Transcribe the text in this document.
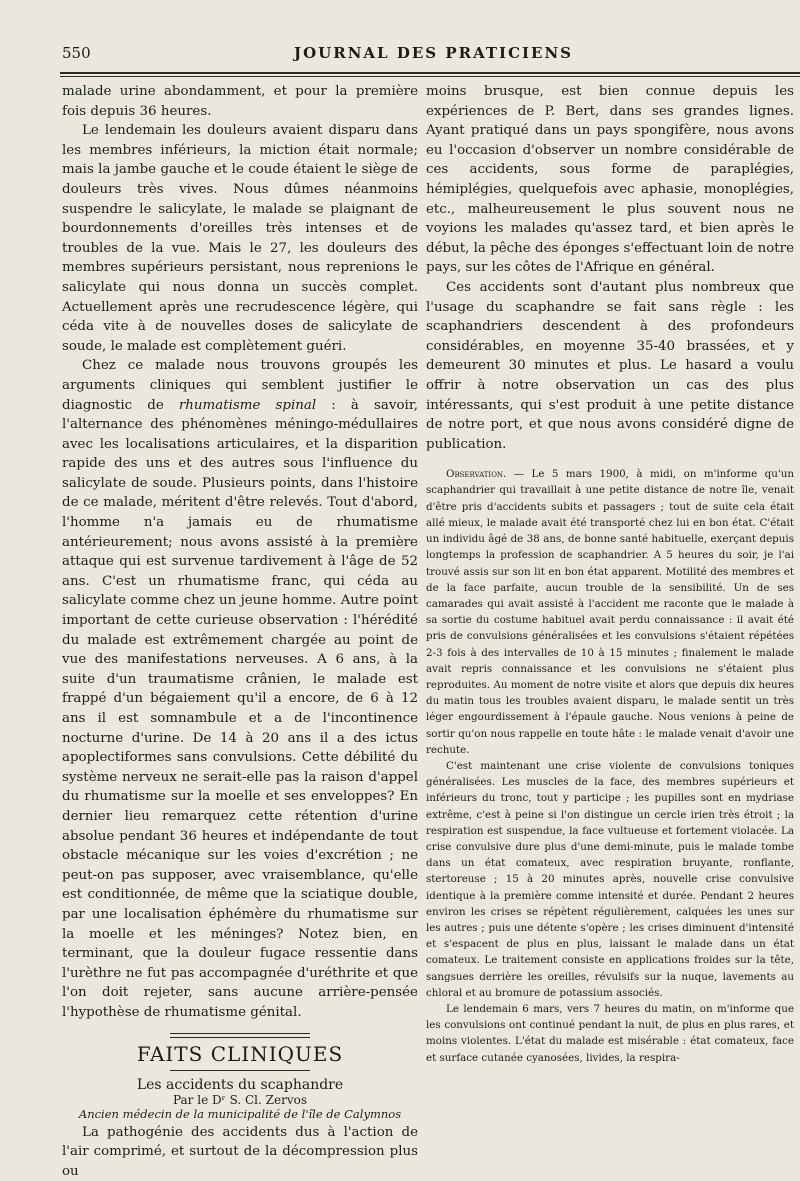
550	JOURNAL DES PRATICIENS

malade urine abondamment, et pour la première fois depuis 36 heures.

Le lendemain les douleurs avaient disparu dans les membres inférieurs, la miction était normale; mais la jambe gauche et le coude étaient le siège de douleurs très vives. Nous dûmes néanmoins suspendre le salicylate, le malade se plaignant de bourdonnements d'oreilles très intenses et de troubles de la vue. Mais le 27, les douleurs des membres supérieurs persistant, nous reprenions le salicylate qui nous donna un succès complet. Actuellement après une recrudescence légère, qui céda vite à de nouvelles doses de salicylate de soude, le malade est complètement guéri.

Chez ce malade nous trouvons groupés les arguments cliniques qui semblent justifier le diagnostic de rhumatisme spinal : à savoir, l'alternance des phénomènes méningo-médullaires avec les localisations articulaires, et la disparition rapide des uns et des autres sous l'influence du salicylate de soude. Plusieurs points, dans l'histoire de ce malade, méritent d'être relevés. Tout d'abord, l'homme n'a jamais eu de rhumatisme antérieurement; nous avons assisté à la première attaque qui est survenue tardivement à l'âge de 52 ans. C'est un rhumatisme franc, qui céda au salicylate comme chez un jeune homme. Autre point important de cette curieuse observation : l'hérédité du malade est extrêmement chargée au point de vue des manifestations nerveuses. A 6 ans, à la suite d'un traumatisme crânien, le malade est frappé d'un bégaiement qu'il a encore, de 6 à 12 ans il est somnambule et a de l'incontinence nocturne d'urine. De 14 à 20 ans il a des ictus apoplectiformes sans convulsions. Cette débilité du système nerveux ne serait-elle pas la raison d'appel du rhumatisme sur la moelle et ses enveloppes? En dernier lieu remarquez cette rétention d'urine absolue pendant 36 heures et indépendante de tout obstacle mécanique sur les voies d'excrétion ; ne peut-on pas supposer, avec vraisemblance, qu'elle est conditionnée, de même que la sciatique double, par une localisation éphémère du rhumatisme sur la moelle et les méninges? Notez bien, en terminant, que la douleur fugace ressentie dans l'urèthre ne fut pas accompagnée d'uréthrite et que l'on doit rejeter, sans aucune arrière-pensée l'hypothèse de rhumatisme génital.

FAITS CLINIQUES
Les accidents du scaphandre
Par le Dʳ S. Cl. Zervos
Ancien médecin de la municipalité de l'île de Calymnos

La pathogénie des accidents dus à l'action de l'air comprimé, et surtout de la décompression plus ou

moins brusque, est bien connue depuis les expériences de P. Bert, dans ses grandes lignes. Ayant pratiqué dans un pays spongifère, nous avons eu l'occasion d'observer un nombre considérable de ces accidents, sous forme de paraplégies, hémiplégies, quelquefois avec aphasie, monoplégies, etc., malheureusement le plus souvent nous ne voyions les malades qu'assez tard, et bien après le début, la pêche des éponges s'effectuant loin de notre pays, sur les côtes de l'Afrique en général.

Ces accidents sont d'autant plus nombreux que l'usage du scaphandre se fait sans règle : les scaphandriers descendent à des profondeurs considérables, en moyenne 35-40 brassées, et y demeurent 30 minutes et plus. Le hasard a voulu offrir à notre observation un cas des plus intéressants, qui s'est produit à une petite distance de notre port, et que nous avons considéré digne de publication.

Observation. — Le 5 mars 1900, à midi, on m'informe qu'un scaphandrier qui travaillait à une petite distance de notre île, venait d'être pris d'accidents subits et passagers ; tout de suite cela était allé mieux, le malade avait été transporté chez lui en bon état. C'était un individu âgé de 38 ans, de bonne santé habituelle, exerçant depuis longtemps la profession de scaphandrier. A 5 heures du soir, je l'ai trouvé assis sur son lit en bon état apparent. Motilité des membres et de la face parfaite, aucun trouble de la sensibilité. Un de ses camarades qui avait assisté à l'accident me raconte que le malade à sa sortie du costume habituel avait perdu connaissance : il avait été pris de convulsions généralisées et les convulsions s'étaient répétées 2-3 fois à des intervalles de 10 à 15 minutes ; finalement le malade avait repris connaissance et les convulsions ne s'étaient plus reproduites. Au moment de notre visite et alors que depuis dix heures du matin tous les troubles avaient disparu, le malade sentit un très léger engourdissement à l'épaule gauche. Nous venions à peine de sortir qu'on nous rappelle en toute hâte : le malade venait d'avoir une rechute.

C'est maintenant une crise violente de convulsions toniques généralisées. Les muscles de la face, des membres supérieurs et inférieurs du tronc, tout y participe ; les pupilles sont en mydriase extrême, c'est à peine si l'on distingue un cercle irien très étroit ; la respiration est suspendue, la face vultueuse et fortement violacée. La crise convulsive dure plus d'une demi-minute, puis le malade tombe dans un état comateux, avec respiration bruyante, ronflante, stertoreuse ; 15 à 20 minutes après, nouvelle crise convulsive identique à la première comme intensité et durée. Pendant 2 heures environ les crises se répètent régulièrement, calquées les unes sur les autres ; puis une détente s'opère ; les crises diminuent d'intensité et s'espacent de plus en plus, laissant le malade dans un état comateux. Le traitement consiste en applications froides sur la tête, sangsues derrière les oreilles, révulsifs sur la nuque, lavements au chloral et au bromure de potassium associés.

Le lendemain 6 mars, vers 7 heures du matin, on m'informe que les convulsions ont continué pendant la nuit, de plus en plus rares, et moins violentes. L'état du malade est misérable : état comateux, face et surface cutanée cyanosées, livides, la respira-
